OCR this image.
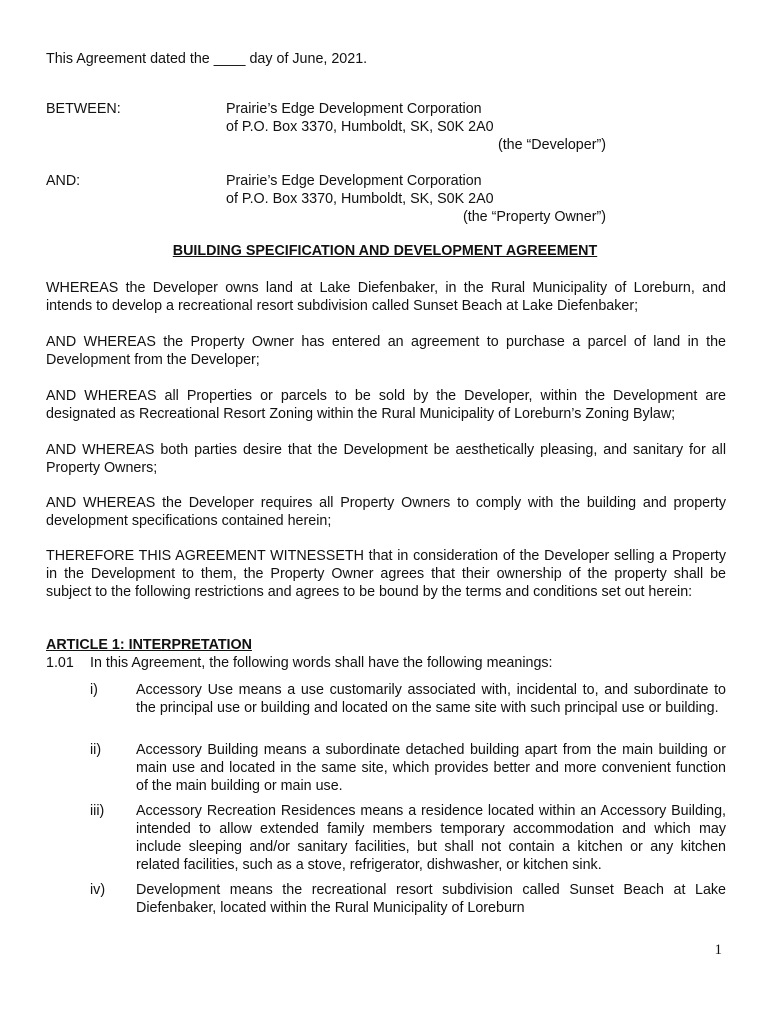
This Agreement dated the ____ day of June, 2021.
BETWEEN:	Prairie’s Edge Development Corporation
of P.O. Box 3370, Humboldt, SK, S0K 2A0
(the “Developer”)
AND:	Prairie’s Edge Development Corporation
of P.O. Box 3370, Humboldt, SK, S0K 2A0
(the “Property Owner”)
BUILDING SPECIFICATION AND DEVELOPMENT AGREEMENT
WHEREAS the Developer owns land at Lake Diefenbaker, in the Rural Municipality of Loreburn, and intends to develop a recreational resort subdivision called Sunset Beach at Lake Diefenbaker;
AND WHEREAS the Property Owner has entered an agreement to purchase a parcel of land in the Development from the Developer;
AND WHEREAS all Properties or parcels to be sold by the Developer, within the Development are designated as Recreational Resort Zoning within the Rural Municipality of Loreburn’s Zoning Bylaw;
AND WHEREAS both parties desire that the Development be aesthetically pleasing, and sanitary for all Property Owners;
AND WHEREAS the Developer requires all Property Owners to comply with the building and property development specifications contained herein;
THEREFORE THIS AGREEMENT WITNESSETH that in consideration of the Developer selling a Property in the Development to them, the Property Owner agrees that their ownership of the property shall be subject to the following restrictions and agrees to be bound by the terms and conditions set out herein:
ARTICLE 1: INTERPRETATION
1.01 In this Agreement, the following words shall have the following meanings:
i)	Accessory Use means a use customarily associated with, incidental to, and subordinate to the principal use or building and located on the same site with such principal use or building.
ii) Accessory Building means a subordinate detached building apart from the main building or main use and located in the same site, which provides better and more convenient function of the main building or main use.
iii) Accessory Recreation Residences means a residence located within an Accessory Building, intended to allow extended family members temporary accommodation and which may include sleeping and/or sanitary facilities, but shall not contain a kitchen or any kitchen related facilities, such as a stove, refrigerator, dishwasher, or kitchen sink.
iv) Development means the recreational resort subdivision called Sunset Beach at Lake Diefenbaker, located within the Rural Municipality of Loreburn
1
